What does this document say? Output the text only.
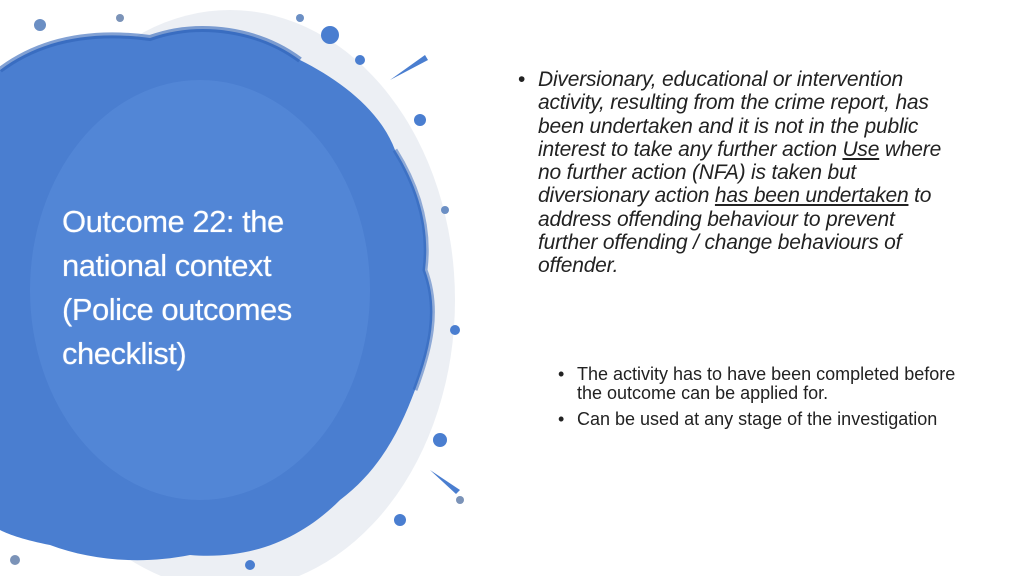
Outcome 22: the
national context
(Police outcomes
checklist)
• Diversionary, educational or intervention activity, resulting from the crime report, has been undertaken and it is not in the public interest to take any further action Use where no further action (NFA) is taken but diversionary action has been undertaken to address offending behaviour to prevent further offending / change behaviours of offender.
• The activity has to have been completed before the outcome can be applied for.
• Can be used at any stage of the investigation
